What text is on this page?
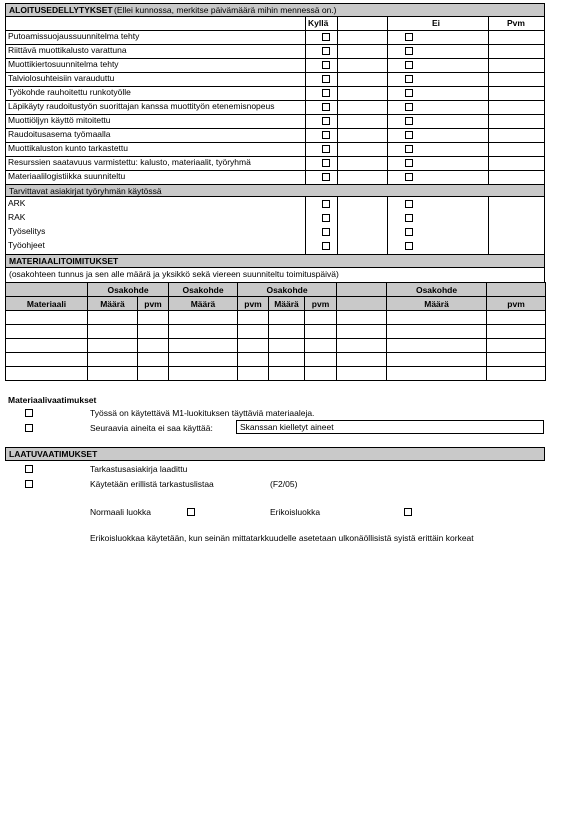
ALOITUSEDELLYTYKSET (Ellei kunnossa, merkitse päivämäärä mihin mennessä on.)
Kyllä	Ei	Pvm
Putoamissuojaussuunnitelma tehty
Riittävä muottikalusto varattuna
Muottikiertosuunnitelma tehty
Talviolosuhteisiin varauduttu
Työkohde rauhoitettu runkotyölle
Läpikäyty raudoitustyön suorittajan kanssa muottityön etenemisnopeus
Muottiöljyn käyttö mitoitettu
Raudoitusasema työmaalla
Muottikaluston kunto tarkastettu
Resurssien saatavuus varmistettu: kalusto, materiaalit, työryhmä
Materiaalilogistiikka suunniteltu
Tarvittavat asiakirjat työryhmän käytössä
ARK
RAK
Työselitys
Työohjeet
MATERIAALITOIMITUKSET
(osakohteen tunnus ja sen alle määrä ja yksikkö sekä viereen suunniteltu toimituspäivä)
	Osakohde		Osakohde	Osakohde				Osakohde	
Materiaali	Määrä	pvm	Määrä	pvm	Määrä	pvm		Määrä	pvm

Materiaalivaatimukset
Työssä on käytettävä M1-luokituksen täyttäviä materiaaleja.
Seuraavia aineita ei saa käyttää:	Skanssan kielletyt aineet
LAATUVAATIMUKSET
Tarkastusasiakirja laadittu
Käytetään erillistä tarkastuslistaa	(F2/05)
Normaali luokka	Erikoisluokka
Erikoisluokkaa käytetään, kun seinän mittatarkkuudelle asetetaan ulkonäöllisistä syistä erittäin korkeat
